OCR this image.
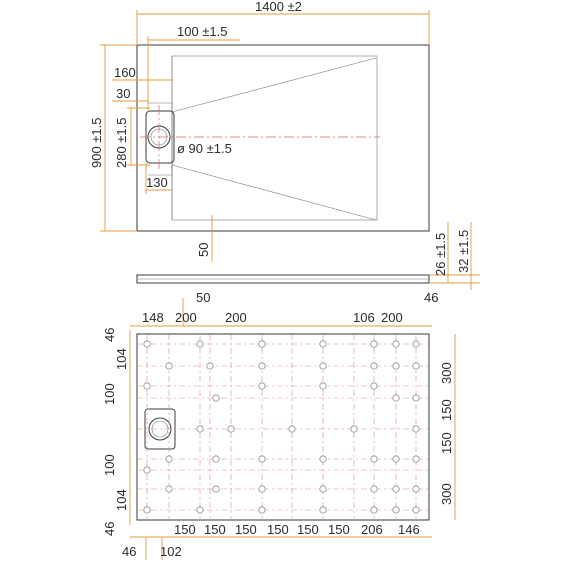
1400 ±2
100 ±1.5
900 ±1.5
160
30
280 ±1.5	ø 90 ±1.5
130
50	26 ±1.5 32 ±1.5
148 200
50
200	106 200
46
46
104
100
100
104
46
300
150
150
300
150 150 150 150 150 150 206 146
46 102
